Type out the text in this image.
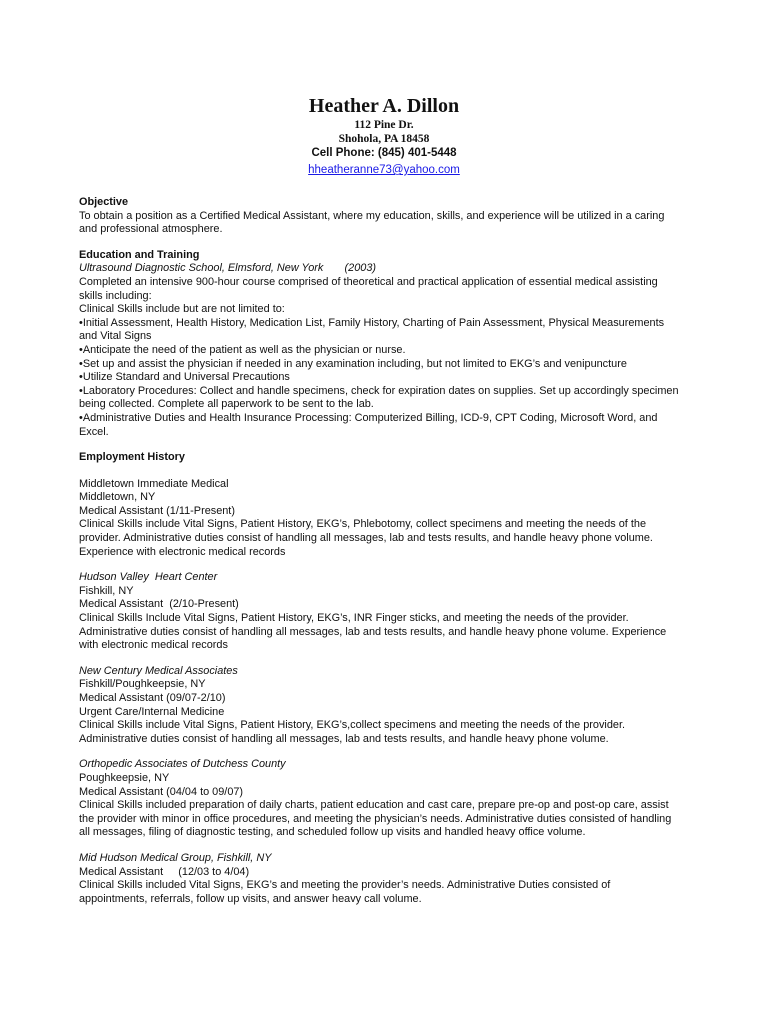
Heather A. Dillon
112 Pine Dr.
Shohola, PA 18458
Cell Phone: (845) 401-5448
hheatheranne73@yahoo.com
Objective

To obtain a position as a Certified Medical Assistant, where my education, skills, and experience will be utilized in a caring and professional atmosphere.

Education and Training
Ultrasound Diagnostic School, Elmsford, New York       (2003)

Completed an intensive 900-hour course comprised of theoretical and practical application of essential medical assisting skills including:

Clinical Skills include but are not limited to:

• Initial Assessment, Health History, Medication List, Family History, Charting of Pain Assessment, Physical Measurements and Vital Signs
• Anticipate the need of the patient as well as the physician or nurse.
• Set up and assist the physician if needed in any examination including, but not limited to EKG’s and venipuncture
• Utilize Standard and Universal Precautions
• Laboratory Procedures: Collect and handle specimens, check for expiration dates on supplies. Set up accordingly specimen being collected. Complete all paperwork to be sent to the lab.
• Administrative Duties and Health Insurance Processing: Computerized Billing, ICD-9, CPT Coding, Microsoft Word, and Excel.
Employment History
Middletown Immediate Medical
Middletown, NY
Medical Assistant (1/11-Present)

Clinical Skills include Vital Signs, Patient History, EKG’s, Phlebotomy, collect specimens and meeting the needs of the provider. Administrative duties consist of handling all messages, lab and tests results, and handle heavy phone volume. Experience with electronic medical records

Hudson Valley  Heart Center
Fishkill, NY
Medical Assistant  (2/10-Present)

Clinical Skills Include Vital Signs, Patient History, EKG’s, INR Finger sticks, and meeting the needs of the provider. Administrative duties consist of handling all messages, lab and tests results, and handle heavy phone volume. Experience with electronic medical records

New Century Medical Associates
Fishkill/Poughkeepsie, NY
Medical Assistant (09/07-2/10)
Urgent Care/Internal Medicine

Clinical Skills include Vital Signs, Patient History, EKG’s,collect specimens and meeting the needs of the provider. Administrative duties consist of handling all messages, lab and tests results, and handle heavy phone volume.

Orthopedic Associates of Dutchess County
Poughkeepsie, NY
Medical Assistant (04/04 to 09/07)

Clinical Skills included preparation of daily charts, patient education and cast care, prepare pre-op and post-op care, assist the provider with minor in office procedures, and meeting the physician’s needs. Administrative duties consisted of handling all messages, filing of diagnostic testing, and scheduled follow up visits and handled heavy office volume.

Mid Hudson Medical Group, Fishkill, NY
Medical Assistant     (12/03 to 4/04)

Clinical Skills included Vital Signs, EKG’s and meeting the provider’s needs. Administrative Duties consisted of appointments, referrals, follow up visits, and answer heavy call volume.
